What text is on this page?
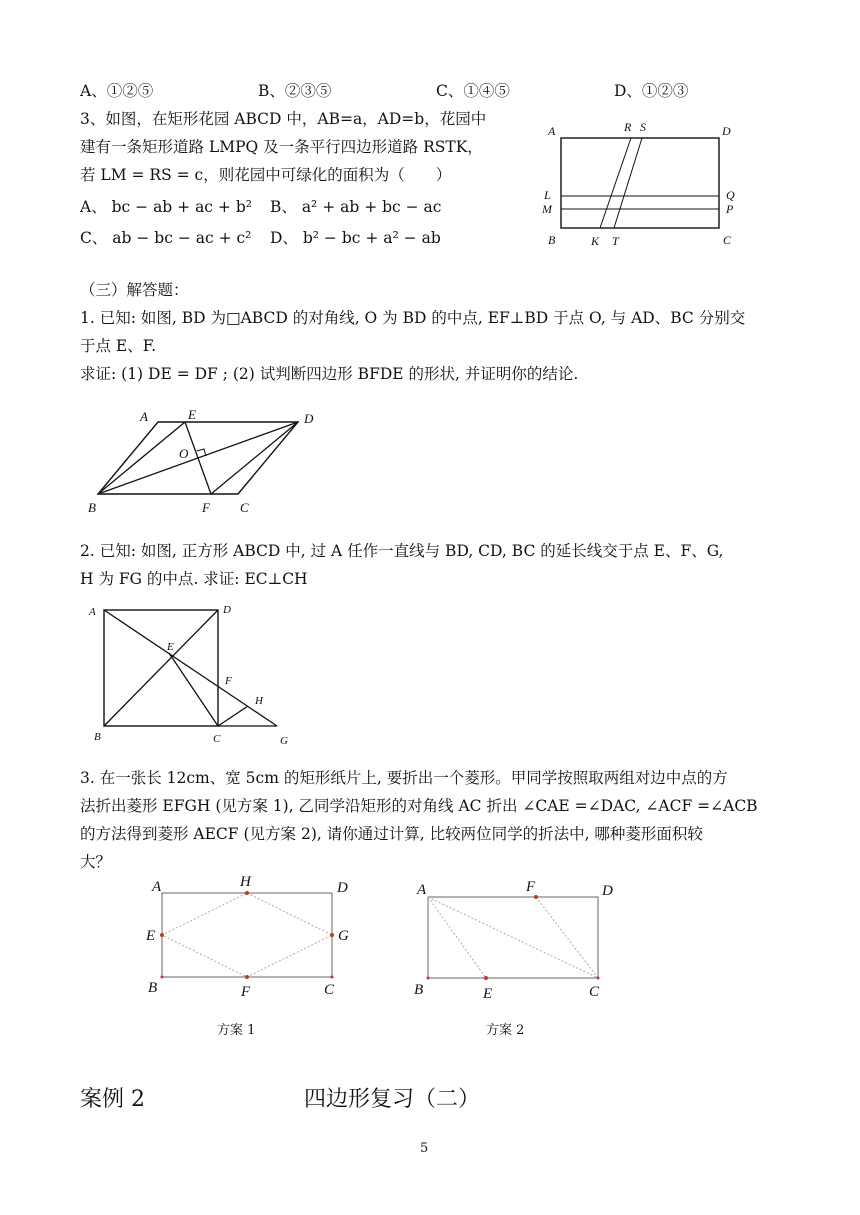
A、①②⑤	B、②③⑤	C、①④⑤	D、①②③
3、如图，在矩形花园 ABCD 中，AB=a，AD=b，花园中
建有一条矩形道路 LMPQ 及一条平行四边形道路 RSTK，
若 LM = RS = c，则花园中可绿化的面积为（　　）
A、 bc − ab + ac + b² B、 a² + ab + bc − ac
C、 ab − bc − ac + c² D、 b² − bc + a² − ab
A	R S	D
L	Q
M	P
B	K T	C
（三）解答题：
1. 已知: 如图, BD 为□ABCD 的对角线, O 为 BD 的中点, EF⊥BD 于点 O, 与 AD、BC 分别交
于点 E、F.
求证: (1) DE = DF ; (2) 试判断四边形 BFDE 的形状, 并证明你的结论.
A	E	D
O
B	F C
2. 已知: 如图, 正方形 ABCD 中, 过 A 任作一直线与 BD, CD, BC 的延长线交于点 E、F、G,
H 为 FG 的中点. 求证: EC⊥CH
A	D
E
F
H
B	C	G
3. 在一张长 12cm、宽 5cm 的矩形纸片上, 要折出一个菱形。甲同学按照取两组对边中点的方
法折出菱形 EFGH (见方案 1), 乙同学沿矩形的对角线 AC 折出 ∠CAE =∠DAC, ∠ACF =∠ACB
的方法得到菱形 AECF (见方案 2), 请你通过计算, 比较两位同学的折法中, 哪种菱形面积较
大？
A	H	D
E	G
B	F	C
A	F	D
B	E	C
方案 1	方案 2
案例 2	四边形复习（二）
5
